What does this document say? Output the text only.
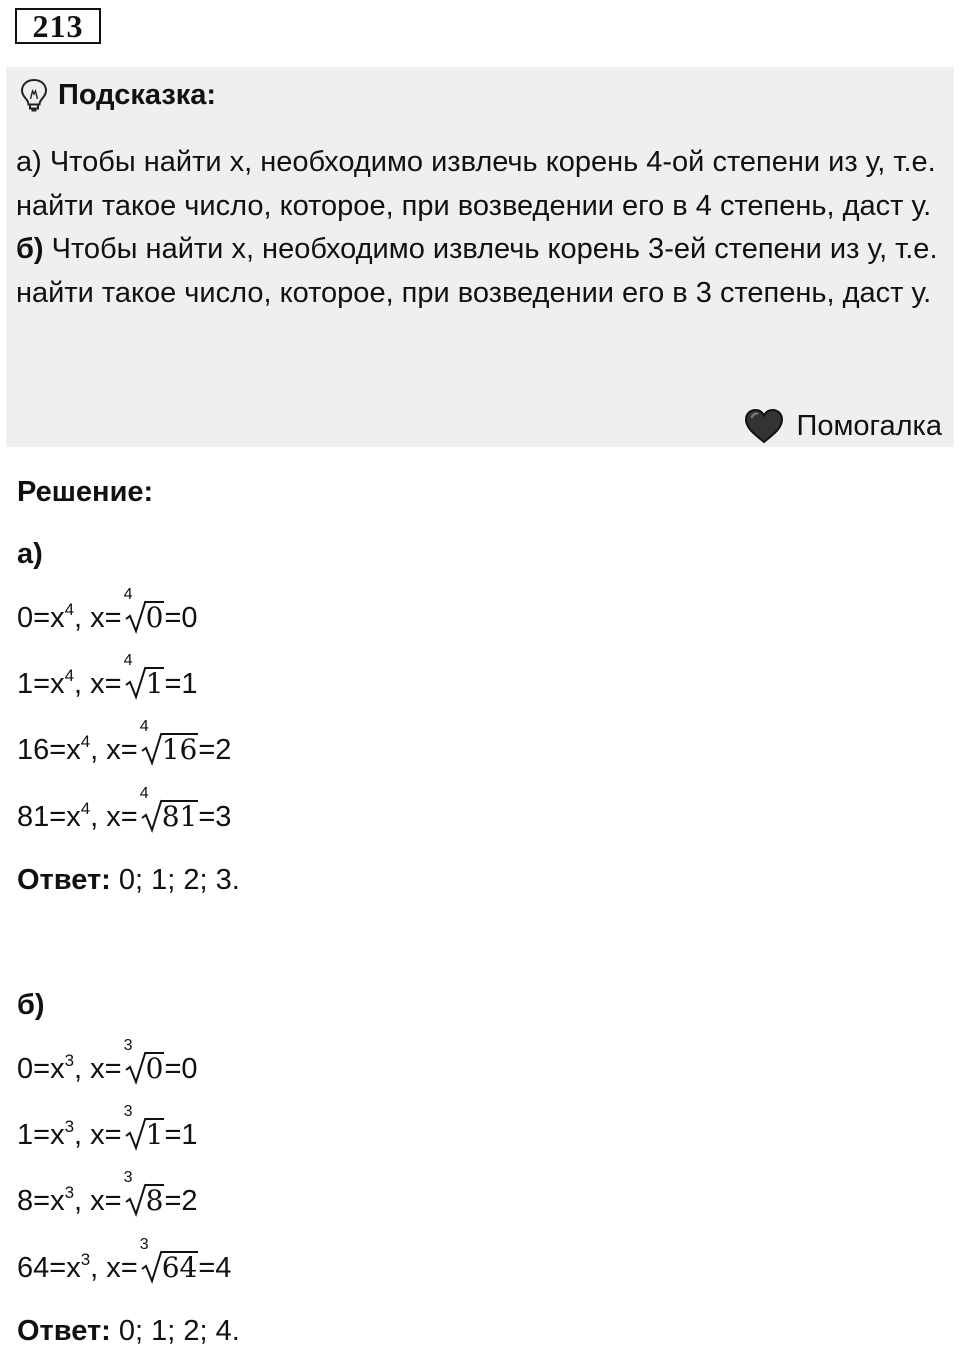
213
Подсказка:

а) Чтобы найти х, необходимо извлечь корень 4-ой степени из у, т.е. найти такое число, которое, при возведении его в 4 степень, даст у.

б) Чтобы найти х, необходимо извлечь корень 3-ей степени из у, т.е. найти такое число, которое, при возведении его в 3 степень, даст у.

Помогалка
Решение:
а)
$0=x^4$, x=
4
0=0
$1=x^4$, x=
4
1=1
$16=x^4$, x=
4
16=2
$81=x^4$, x=
4
81=3
Ответ: 0; 1; 2; 3.
б)
$0=x^3$, x=
3
0=0
$1=x^3$, x=
3
1=1
$8=x^3$, x=
3
8=2
$64=x^3$, x=
3
64=4
Ответ: 0; 1; 2; 4.
